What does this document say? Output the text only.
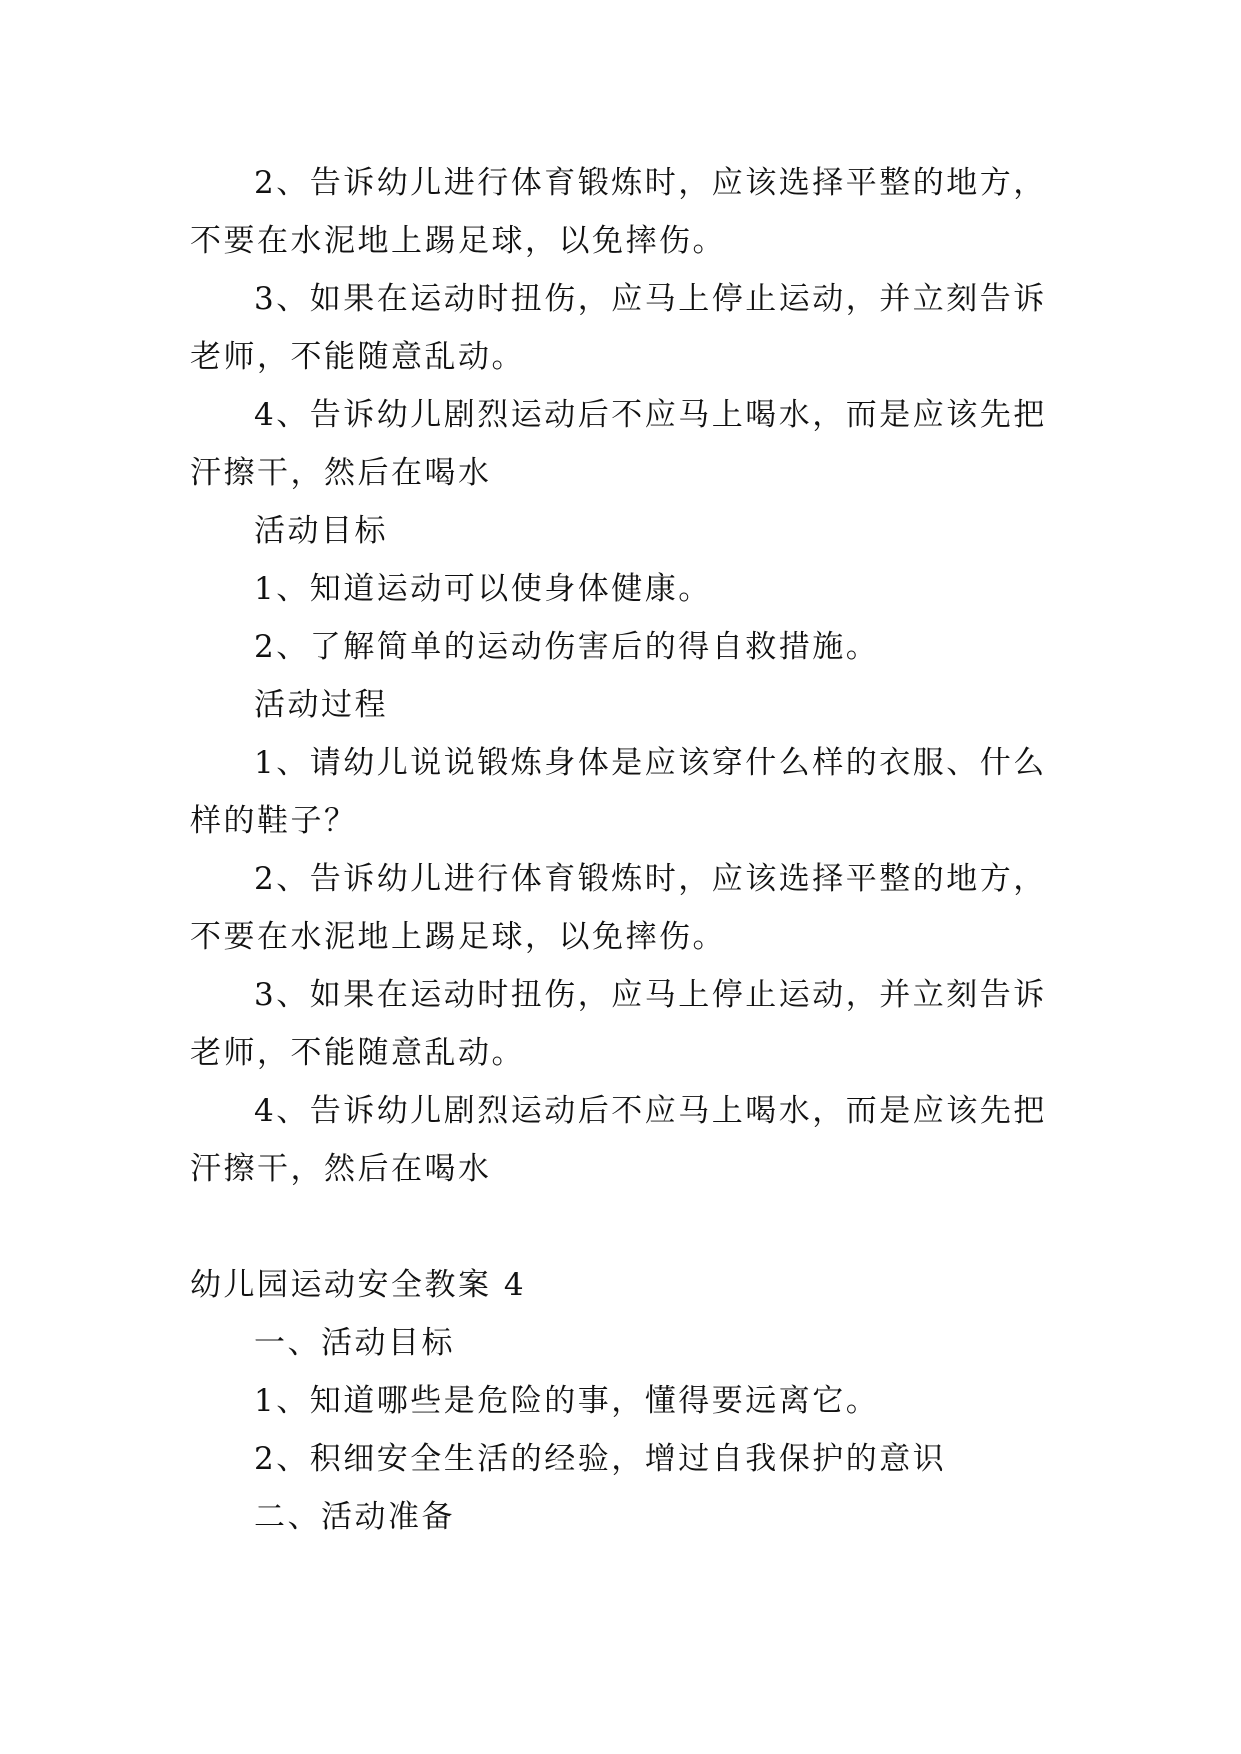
2、告诉幼儿进行体育锻炼时，应该选择平整的地方，
不要在水泥地上踢足球，以免摔伤。
3、如果在运动时扭伤，应马上停止运动，并立刻告诉
老师，不能随意乱动。
4、告诉幼儿剧烈运动后不应马上喝水，而是应该先把
汗擦干，然后在喝水
活动目标
1、知道运动可以使身体健康。
2、了解简单的运动伤害后的得自救措施。
活动过程
1、请幼儿说说锻炼身体是应该穿什么样的衣服、什么
样的鞋子？
2、告诉幼儿进行体育锻炼时，应该选择平整的地方，
不要在水泥地上踢足球，以免摔伤。
3、如果在运动时扭伤，应马上停止运动，并立刻告诉
老师，不能随意乱动。
4、告诉幼儿剧烈运动后不应马上喝水，而是应该先把
汗擦干，然后在喝水
幼儿园运动安全教案 4
一、活动目标
1、知道哪些是危险的事，懂得要远离它。
2、积细安全生活的经验，增过自我保护的意识
二、活动准备
